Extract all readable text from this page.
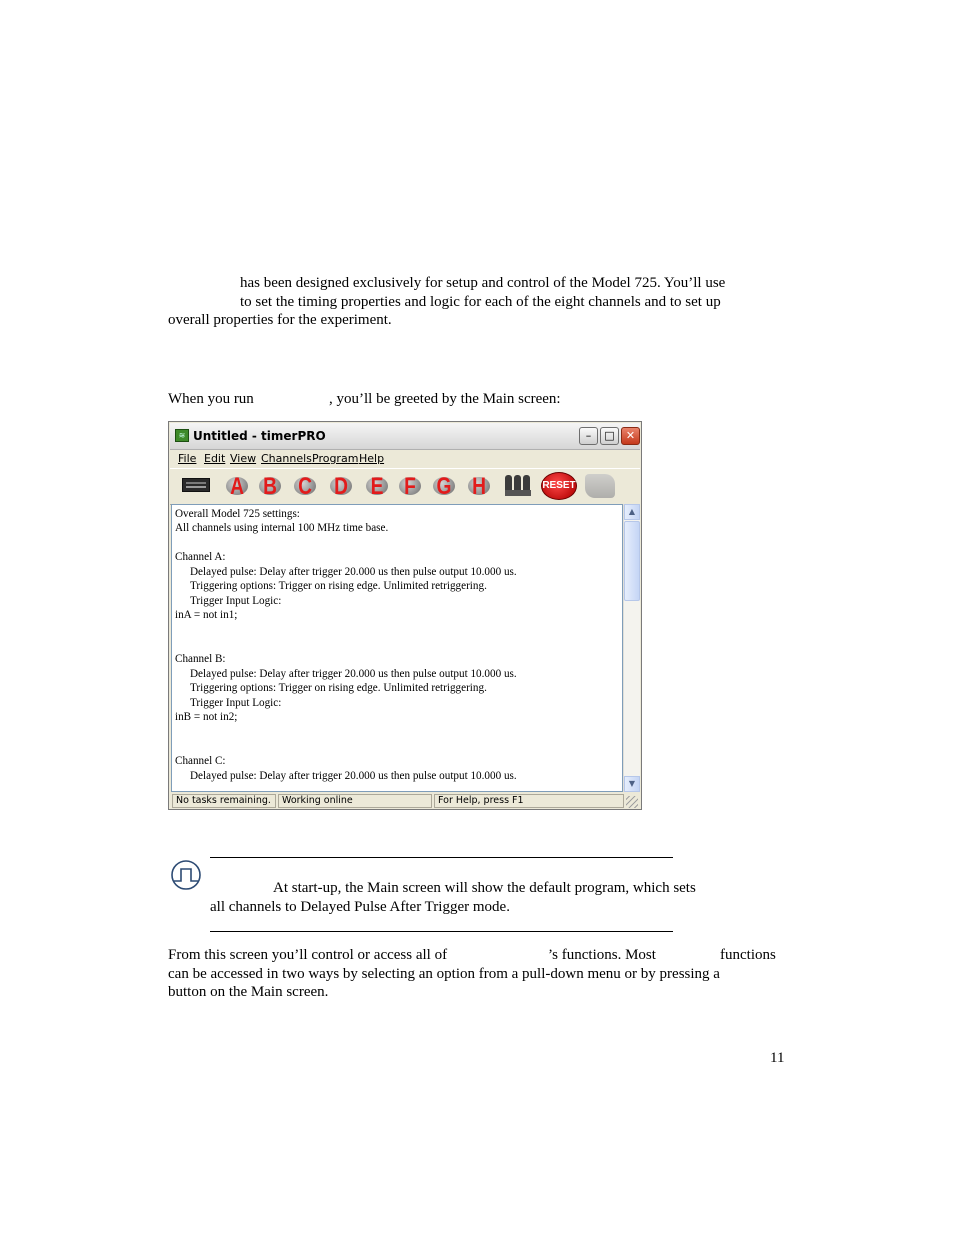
has been designed exclusively for setup and control of the Model 725. You’ll use
to set the timing properties and logic for each of the eight channels and to set up
overall properties for the experiment.
When you run	, you’ll be greeted by the Main screen:
≋ Untitled - timerPRO	–	□	✕
File Edit View Channels Program Help
A B C D E F G H	RESET
Overall Model 725 settings:
All channels using internal 100 MHz time base.
Channel A:
Delayed pulse: Delay after trigger 20.000 us then pulse output 10.000 us.
Triggering options: Trigger on rising edge. Unlimited retriggering.
Trigger Input Logic:
inA = not in1;
Channel B:
Delayed pulse: Delay after trigger 20.000 us then pulse output 10.000 us.
Triggering options: Trigger on rising edge. Unlimited retriggering.
Trigger Input Logic:
inB = not in2;
Channel C:
Delayed pulse: Delay after trigger 20.000 us then pulse output 10.000 us.
▲
▼
No tasks remaining.	Working online	For Help, press F1
At start-up, the Main screen will show the default program, which sets
all channels to Delayed Pulse After Trigger mode.
From this screen you’ll control or access all of	’s functions. Most	functions
can be accessed in two ways by selecting an option from a pull-down menu or by pressing a
button on the Main screen.
11
